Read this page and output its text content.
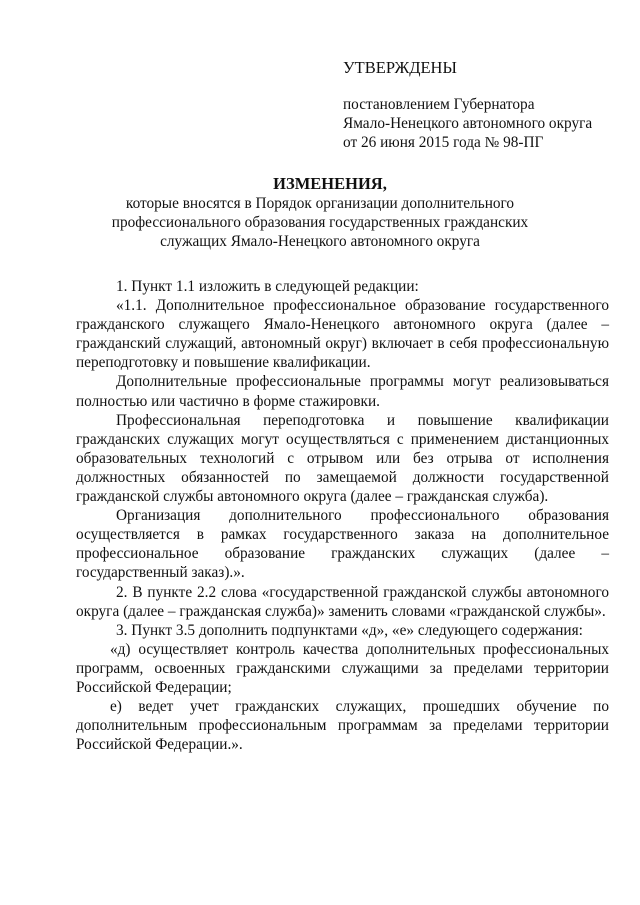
УТВЕРЖДЕНЫ
постановлением Губернатора
Ямало-Ненецкого автономного округа
от 26 июня 2015 года № 98-ПГ
ИЗМЕНЕНИЯ,
которые вносятся в Порядок организации дополнительного
профессионального образования государственных гражданских
служащих Ямало-Ненецкого автономного округа

1. Пункт 1.1 изложить в следующей редакции:

«1.1. Дополнительное профессиональное образование государственного гражданского служащего Ямало-Ненецкого автономного округа (далее – гражданский служащий, автономный округ) включает в себя профессиональную переподготовку и повышение квалификации.

Дополнительные профессиональные программы могут реализовываться полностью или частично в форме стажировки.

Профессиональная переподготовка и повышение квалификации гражданских служащих могут осуществляться с применением дистанционных образовательных технологий с отрывом или без отрыва от исполнения должностных обязанностей по замещаемой должности государственной гражданской службы автономного округа (далее – гражданская служба).

Организация дополнительного профессионального образования осуществляется в рамках государственного заказа на дополнительное профессиональное образование гражданских служащих (далее – государственный заказ).».

2. В пункте 2.2 слова «государственной гражданской службы автономного округа (далее – гражданская служба)» заменить словами «гражданской службы».

3. Пункт 3.5 дополнить подпунктами «д», «е» следующего содержания:

«д) осуществляет контроль качества дополнительных профессиональных программ, освоенных гражданскими служащими за пределами территории Российской Федерации;

е) ведет учет гражданских служащих, прошедших обучение по дополнительным профессиональным программам за пределами территории Российской Федерации.».
